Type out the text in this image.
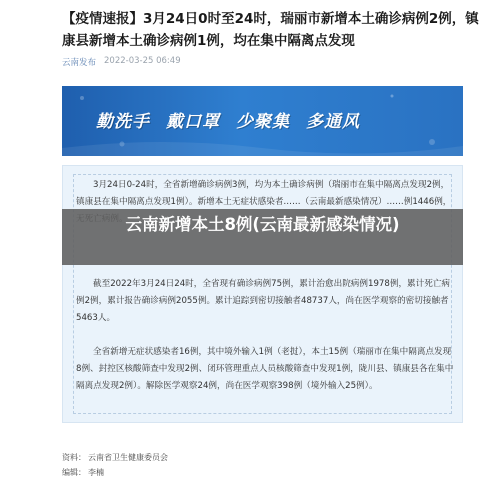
【疫情速报】3月24日0时至24时，瑞丽市新增本土确诊病例2例，镇康县新增本土确诊病例1例，均在集中隔离点发现
云南发布 2022-03-25 06:49
勤洗手 戴口罩 少聚集 多通风

3月24日0-24时，全省新增确诊病例3例，均为本土确诊病例（瑞丽市在集中隔离点发现2例，镇康县在集中隔离点发现1例）。新增本土无症状感染者……（云南最新感染情况）……例1446例，

截至2022年3月24日24时，全省现有确诊病例75例，累计治愈出院病例1978例，累计死亡病例2例，累计报告确诊病例2055例。累计追踪到密切接触者48737人，尚在医学观察的密切接触者5463人。

全省新增无症状感染者16例，其中境外输入1例（老挝），本土15例（瑞丽市在集中隔离点发现8例、封控区核酸筛查中发现2例、闭环管理重点人员核酸筛查中发现1例，陇川县、镇康县各在集中隔离点发现2例）。解除医学观察24例，尚在医学观察398例（境外输入25例）。

云南新增本土8例(云南最新感染情况)

资料： 云南省卫生健康委员会
编辑： 李楠
